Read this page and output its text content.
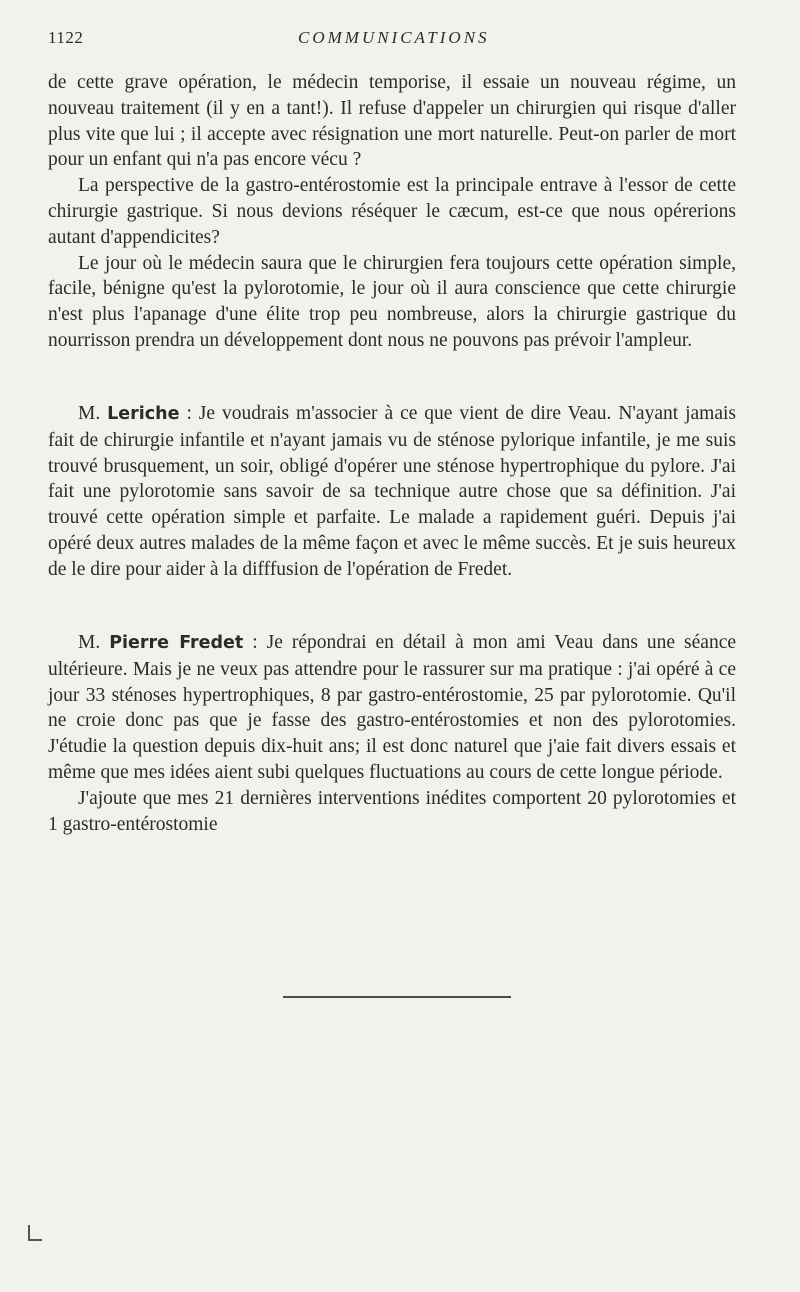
1122	COMMUNICATIONS

de cette grave opération, le médecin temporise, il essaie un nouveau régime, un nouveau traitement (il y en a tant!). Il refuse d'appeler un chirurgien qui risque d'aller plus vite que lui ; il accepte avec résignation une mort naturelle. Peut-on parler de mort pour un enfant qui n'a pas encore vécu ?

La perspective de la gastro-entérostomie est la principale entrave à l'essor de cette chirurgie gastrique. Si nous devions réséquer le cæcum, est-ce que nous opérerions autant d'appendicites?

Le jour où le médecin saura que le chirurgien fera toujours cette opération simple, facile, bénigne qu'est la pylorotomie, le jour où il aura conscience que cette chirurgie n'est plus l'apanage d'une élite trop peu nombreuse, alors la chirurgie gastrique du nourrisson prendra un développement dont nous ne pouvons pas prévoir l'ampleur.

M. Leriche : Je voudrais m'associer à ce que vient de dire Veau. N'ayant jamais fait de chirurgie infantile et n'ayant jamais vu de sténose pylorique infantile, je me suis trouvé brusquement, un soir, obligé d'opérer une sténose hypertrophique du pylore. J'ai fait une pylorotomie sans savoir de sa technique autre chose que sa définition. J'ai trouvé cette opération simple et parfaite. Le malade a rapidement guéri. Depuis j'ai opéré deux autres malades de la même façon et avec le même succès. Et je suis heureux de le dire pour aider à la difffusion de l'opération de Fredet.

M. Pierre Fredet : Je répondrai en détail à mon ami Veau dans une séance ultérieure. Mais je ne veux pas attendre pour le rassurer sur ma pratique : j'ai opéré à ce jour 33 sténoses hypertrophiques, 8 par gastro-entérostomie, 25 par pylorotomie. Qu'il ne croie donc pas que je fasse des gastro-entérostomies et non des pylorotomies. J'étudie la question depuis dix-huit ans; il est donc naturel que j'aie fait divers essais et même que mes idées aient subi quelques fluctuations au cours de cette longue période.

J'ajoute que mes 21 dernières interventions inédites comportent 20 pylorotomies et 1 gastro-entérostomie
